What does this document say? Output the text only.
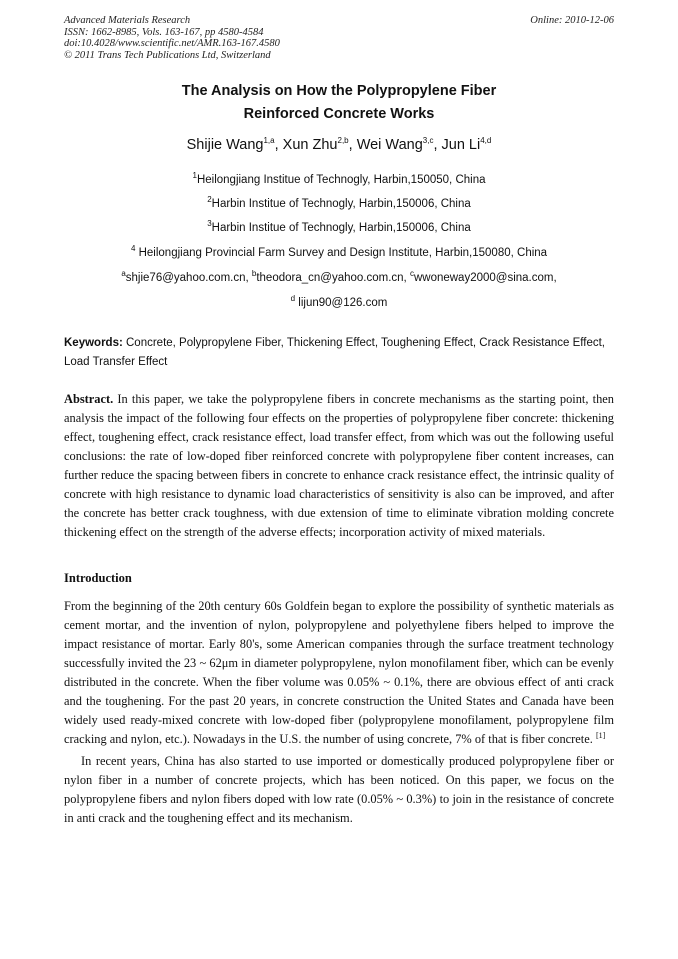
Advanced Materials Research
ISSN: 1662-8985, Vols. 163-167, pp 4580-4584
doi:10.4028/www.scientific.net/AMR.163-167.4580
© 2011 Trans Tech Publications Ltd, Switzerland
Online: 2010-12-06
The Analysis on How the Polypropylene Fiber
Reinforced Concrete Works
Shijie Wang$^{1,a}$, Xun Zhu$^{2,b}$, Wei Wang$^{3,c}$, Jun Li$^{4,d}$
$^1$Heilongjiang Institue of Technogly, Harbin,150050, China
$^2$Harbin Institue of Technogly, Harbin,150006, China
$^3$Harbin Institue of Technogly, Harbin,150006, China
$^4$ Heilongjiang Provincial Farm Survey and Design Institute, Harbin,150080, China
$^a$shjie76@yahoo.com.cn, $^b$theodora_cn@yahoo.com.cn, $^c$wwoneway2000@sina.com,
$^d$ lijun90@126.com
Keywords: Concrete, Polypropylene Fiber, Thickening Effect, Toughening Effect, Crack Resistance Effect, Load Transfer Effect
Abstract. In this paper, we take the polypropylene fibers in concrete mechanisms as the starting point, then analysis the impact of the following four effects on the properties of polypropylene fiber concrete: thickening effect, toughening effect, crack resistance effect, load transfer effect, from which was out the following useful conclusions: the rate of low-doped fiber reinforced concrete with polypropylene fiber content increases, can further reduce the spacing between fibers in concrete to enhance crack resistance effect, the intrinsic quality of concrete with high resistance to dynamic load characteristics of sensitivity is also can be improved, and after the concrete has better crack toughness, with due extension of time to eliminate vibration molding concrete thickening effect on the strength of the adverse effects; incorporation activity of mixed materials.
Introduction
From the beginning of the 20th century 60s Goldfein began to explore the possibility of synthetic materials as cement mortar, and the invention of nylon, polypropylene and polyethylene fibers helped to improve the impact resistance of mortar. Early 80's, some American companies through the surface treatment technology successfully invited the 23 ~ 62μm in diameter polypropylene, nylon monofilament fiber, which can be evenly distributed in the concrete. When the fiber volume was 0.05% ~ 0.1%, there are obvious effect of anti crack and the toughening. For the past 20 years, in concrete construction the United States and Canada have been widely used ready-mixed concrete with low-doped fiber (polypropylene monofilament, polypropylene film cracking and nylon, etc.). Nowadays in the U.S. the number of using concrete, 7% of that is fiber concrete. [1]
In recent years, China has also started to use imported or domestically produced polypropylene fiber or nylon fiber in a number of concrete projects, which has been noticed. On this paper, we focus on the polypropylene fibers and nylon fibers doped with low rate (0.05% ~ 0.3%) to join in the resistance of concrete in anti crack and the toughening effect and its mechanism.
